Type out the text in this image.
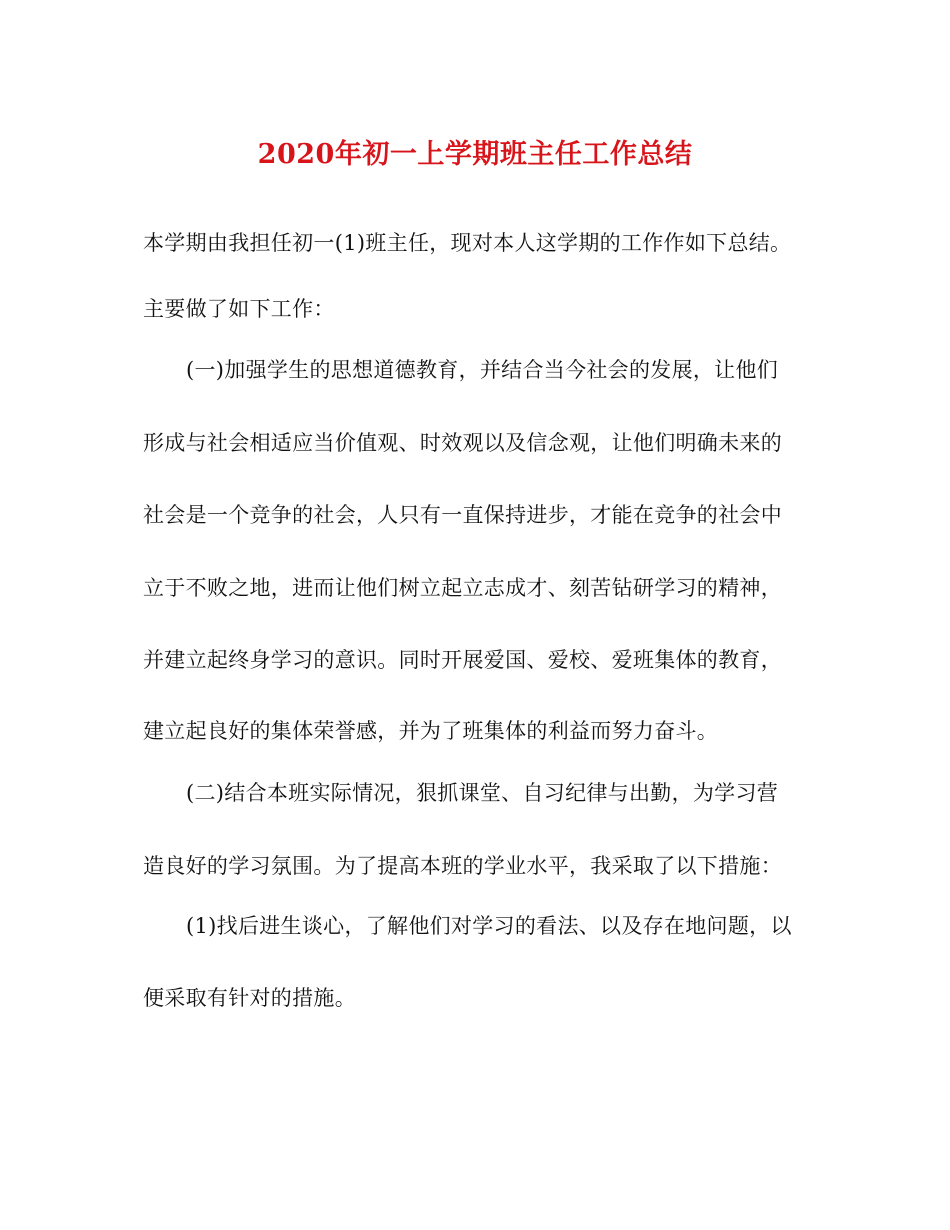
2020年初一上学期班主任工作总结
本学期由我担任初一(1)班主任，现对本人这学期的工作作如下总结。
主要做了如下工作：
(一)加强学生的思想道德教育，并结合当今社会的发展，让他们
形成与社会相适应当价值观、时效观以及信念观，让他们明确未来的
社会是一个竞争的社会，人只有一直保持进步，才能在竞争的社会中
立于不败之地，进而让他们树立起立志成才、刻苦钻研学习的精神，
并建立起终身学习的意识。同时开展爱国、爱校、爱班集体的教育，
建立起良好的集体荣誉感，并为了班集体的利益而努力奋斗。
(二)结合本班实际情况，狠抓课堂、自习纪律与出勤，为学习营
造良好的学习氛围。为了提高本班的学业水平，我采取了以下措施：
(1)找后进生谈心，了解他们对学习的看法、以及存在地问题，以
便采取有针对的措施。
